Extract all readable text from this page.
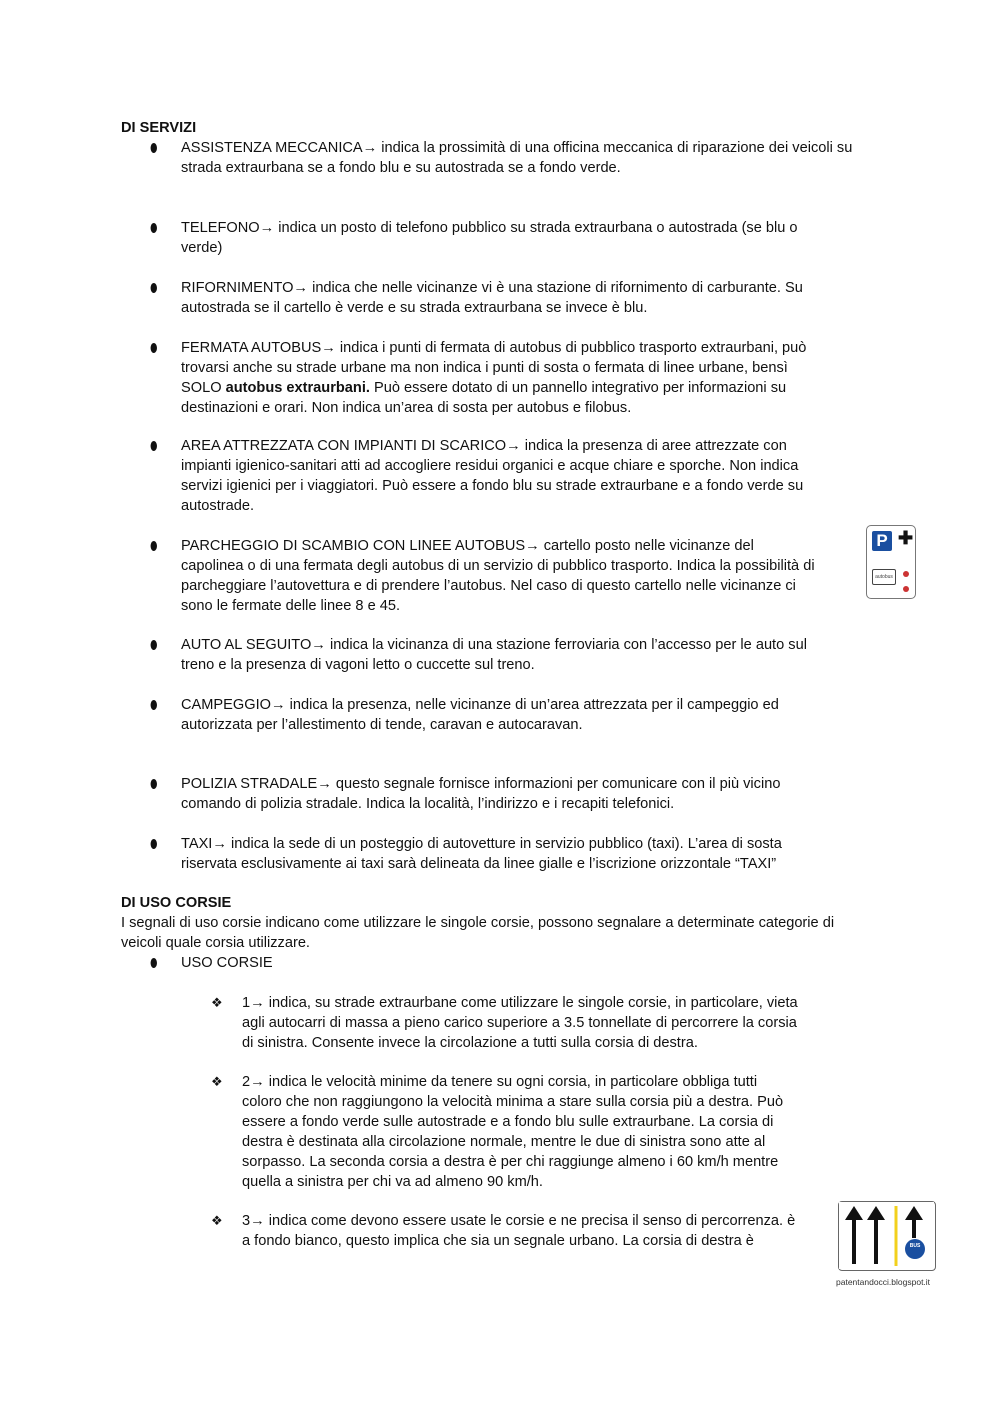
DI SERVIZI
⬮ ASSISTENZA MECCANICA→ indica la prossimità di una officina meccanica di riparazione dei veicoli su
strada extraurbana se a fondo blu e su autostrada se a fondo verde.
⬮ TELEFONO→ indica un posto di telefono pubblico su strada extraurbana o autostrada (se blu o
verde)
⬮ RIFORNIMENTO→ indica che nelle vicinanze vi è una stazione di rifornimento di carburante. Su
autostrada se il cartello è verde e su strada extraurbana se invece è blu.
⬮ FERMATA AUTOBUS→ indica i punti di fermata di autobus di pubblico trasporto extraurbani, può
trovarsi anche su strade urbane ma non indica i punti di sosta o fermata di linee urbane, bensì
SOLO autobus extraurbani. Può essere dotato di un pannello integrativo per informazioni su
destinazioni e orari. Non indica un’area di sosta per autobus e filobus.
⬮ AREA ATTREZZATA CON IMPIANTI DI SCARICO→ indica la presenza di aree attrezzate con
impianti igienico-sanitari atti ad accogliere residui organici e acque chiare e sporche. Non indica
servizi igienici per i viaggiatori. Può essere a fondo blu su strade extraurbane e a fondo verde su
autostrade.
⬮ PARCHEGGIO DI SCAMBIO CON LINEE AUTOBUS→ cartello posto nelle vicinanze del
capolinea o di una fermata degli autobus di un servizio di pubblico trasporto. Indica la possibilità di
parcheggiare l’autovettura e di prendere l’autobus. Nel caso di questo cartello nelle vicinanze ci
sono le fermate delle linee 8 e 45.
⬮ AUTO AL SEGUITO→ indica la vicinanza di una stazione ferroviaria con l’accesso per le auto sul
treno e la presenza di vagoni letto o cuccette sul treno.
⬮ CAMPEGGIO→ indica la presenza, nelle vicinanze di un’area attrezzata per il campeggio ed
autorizzata per l’allestimento di tende, caravan e autocaravan.
⬮ POLIZIA STRADALE→ questo segnale fornisce informazioni per comunicare con il più vicino
comando di polizia stradale. Indica la località, l’indirizzo e i recapiti telefonici.
⬮ TAXI→ indica la sede di un posteggio di autovetture in servizio pubblico (taxi). L’area di sosta
riservata esclusivamente ai taxi sarà delineata da linee gialle e l’iscrizione orizzontale “TAXI”
DI USO CORSIE
I segnali di uso corsie indicano come utilizzare le singole corsie, possono segnalare a determinate categorie di
veicoli quale corsia utilizzare.
⬮ USO CORSIE
❖ 1→ indica, su strade extraurbane come utilizzare le singole corsie, in particolare, vieta
agli autocarri di massa a pieno carico superiore a 3.5 tonnellate di percorrere la corsia
di sinistra. Consente invece la circolazione a tutti sulla corsia di destra.
❖ 2→ indica le velocità minime da tenere su ogni corsia, in particolare obbliga tutti
coloro che non raggiungono la velocità minima a stare sulla corsia più a destra. Può
essere a fondo verde sulle autostrade e a fondo blu sulle extraurbane. La corsia di
destra è destinata alla circolazione normale, mentre le due di sinistra sono atte al
sorpasso. La seconda corsia a destra è per chi raggiunge almeno i 60 km/h mentre
quella a sinistra per chi va ad almeno 90 km/h.
❖ 3→ indica come devono essere usate le corsie e ne precisa il senso di percorrenza. è
a fondo bianco, questo implica che sia un segnale urbano. La corsia di destra è
P ✚
autobus
BUS
patentandocci.blogspot.it
